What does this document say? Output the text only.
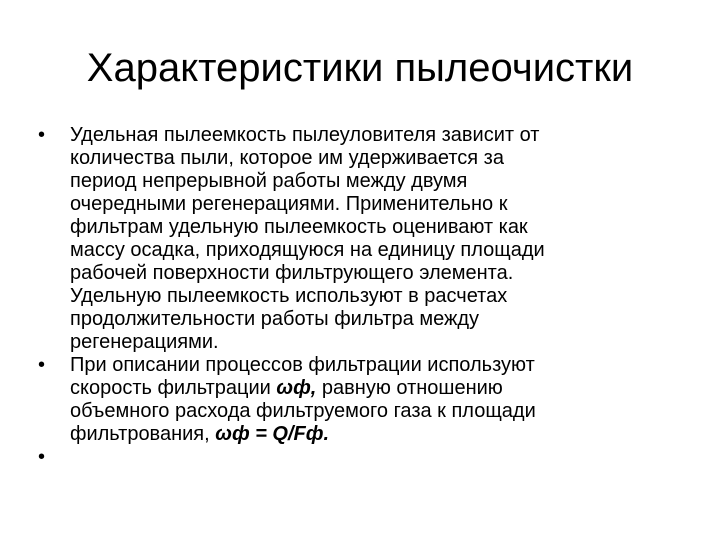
Характеристики пылеочистки
•	Удельная пылеемкость пылеуловителя зависит от
количества пыли, которое им удерживается за
период непрерывной работы между двумя
очередными регенерациями. Применительно к
фильтрам удельную пылеемкость оценивают как
массу осадка, приходящуюся на единицу площади
рабочей поверхности фильтрующего элемента.
Удельную пылеемкость используют в расчетах
продолжительности работы фильтра между
регенерациями.
•	При описании процессов фильтрации используют
скорость фильтрации ωф, равную отношению
объемного расхода фильтруемого газа к площади
фильтрования, ωф = Q/Fф.
•
